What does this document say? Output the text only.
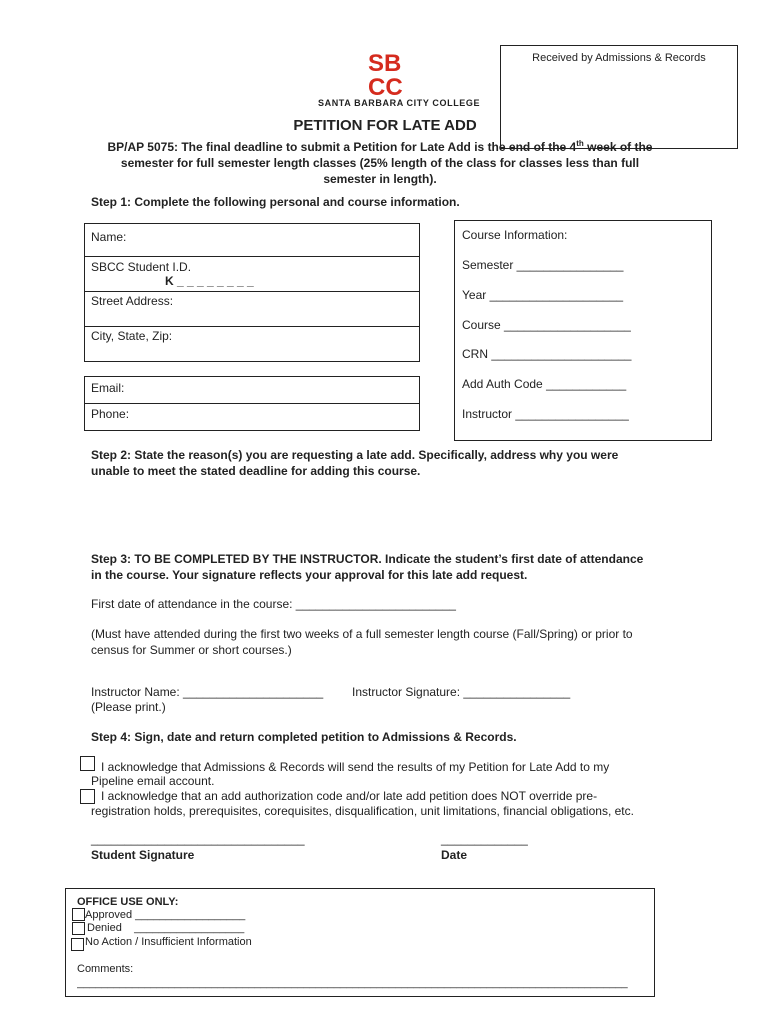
Received by Admissions & Records
SB
CC
SANTA BARBARA CITY COLLEGE
PETITION FOR LATE ADD
BP/AP 5075: The final deadline to submit a Petition for Late Add is the end of the 4th week of the
semester for full semester length classes (25% length of the class for classes less than full
semester in length).
Step 1: Complete the following personal and course information.
Name:
SBCC Student I.D.
K _ _ _ _ _ _ _ _
Street Address:
City, State, Zip:
Email:
Phone:
Course Information:
Semester ________________
Year ____________________
Course ___________________
CRN _____________________
Add Auth Code ____________
Instructor _________________
Step 2: State the reason(s) you are requesting a late add. Specifically, address why you were
unable to meet the stated deadline for adding this course.
Step 3: TO BE COMPLETED BY THE INSTRUCTOR. Indicate the student’s first date of attendance
in the course. Your signature reflects your approval for this late add request.
First date of attendance in the course: ________________________
(Must have attended during the first two weeks of a full semester length course (Fall/Spring) or prior to
census for Summer or short courses.)
Instructor Name: _____________________
(Please print.)
Instructor Signature: ________________
Step 4: Sign, date and return completed petition to Admissions & Records.
I acknowledge that Admissions & Records will send the results of my Petition for Late Add to my
Pipeline email account.
I acknowledge that an add authorization code and/or late add petition does NOT override pre-
registration holds, prerequisites, corequisites, disqualification, unit limitations, financial obligations, etc.
________________________________
Student Signature
_____________
Date
OFFICE USE ONLY:
Approved __________________
Denied    __________________
No Action / Insufficient Information
Comments:
__________________________________________________________________________________________
